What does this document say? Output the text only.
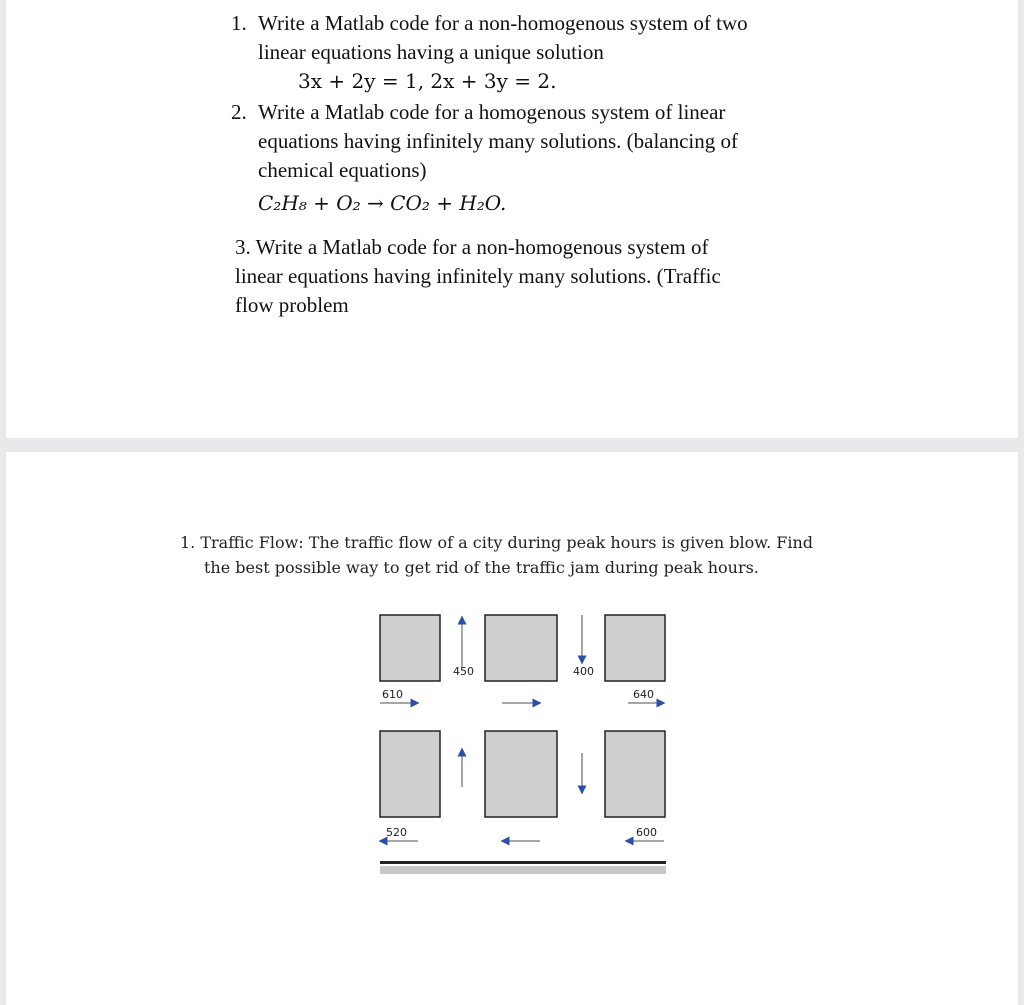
1. Write a Matlab code for a non-homogenous system of two
linear equations having a unique solution
3x + 2y = 1, 2x + 3y = 2.
2. Write a Matlab code for a homogenous system of linear
equations having infinitely many solutions. (balancing of
chemical equations)
C₂H₈ + O₂ → CO₂ + H₂O.
3. Write a Matlab code for a non-homogenous system of
linear equations having infinitely many solutions. (Traffic
flow problem
1. Traffic Flow: The traffic flow of a city during peak hours is given blow. Find
the best possible way to get rid of the traffic jam during peak hours.
450	400
610	640
520	600
